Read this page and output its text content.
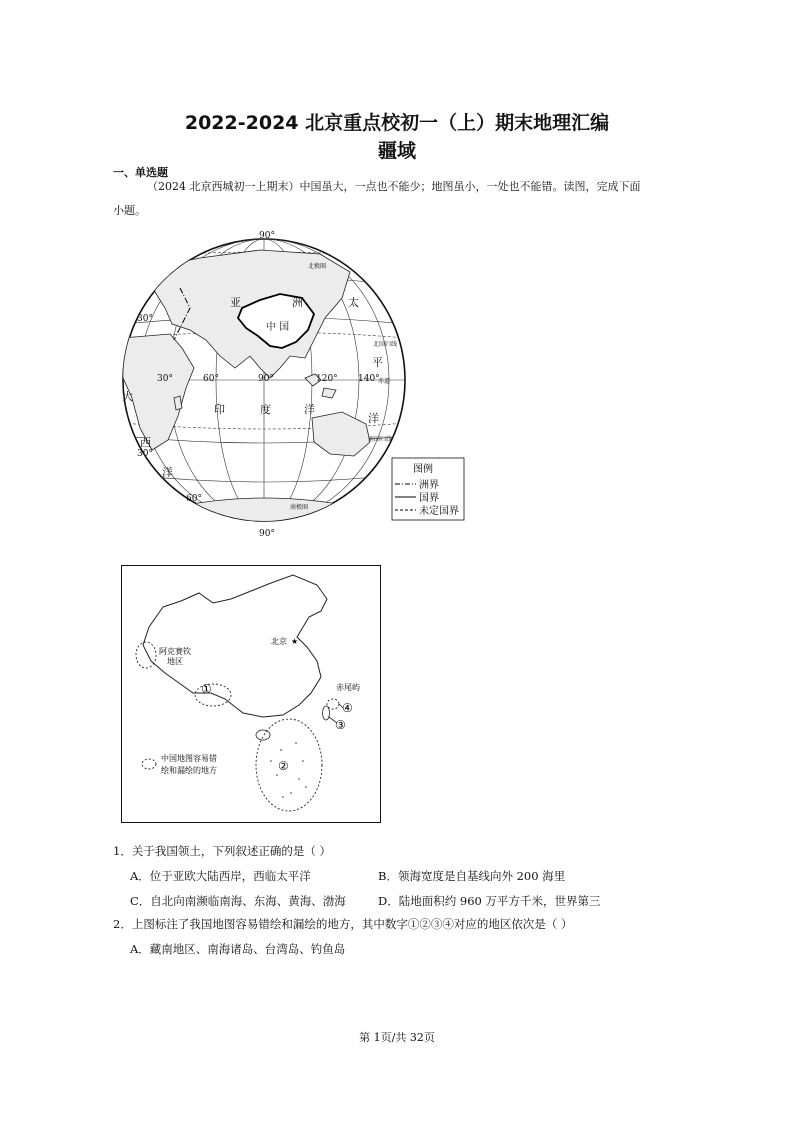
2022-2024 北京重点校初一（上）期末地理汇编
疆域
一、单选题
（2024 北京西城初一上期末）中国虽大，一点也不能少；地图虽小，一处也不能错。读图，完成下面
小题。
90°
90°
30°
30°
60°
30°	60°	90°	120° 140°
亚	洲
中 国
太
平
洋
印	度	洋
大
西
洋
北极圈
北回归线
赤道
南回归线
南极圈
图例
洲界
国界
未定国界
★
北京
阿克赛钦
地区
①
②
赤尾屿
④
③
中国地图容易错
绘和漏绘的地方
1．关于我国领土，下列叙述正确的是（ ）
A．位于亚欧大陆西岸，西临太平洋	B．领海宽度是自基线向外 200 海里
C．自北向南濒临南海、东海、黄海、渤海	D．陆地面积约 960 万平方千米，世界第三
2．上图标注了我国地图容易错绘和漏绘的地方，其中数字①②③④对应的地区依次是（ ）
A．藏南地区、南海诸岛、台湾岛、钓鱼岛
第 1页/共 32页
